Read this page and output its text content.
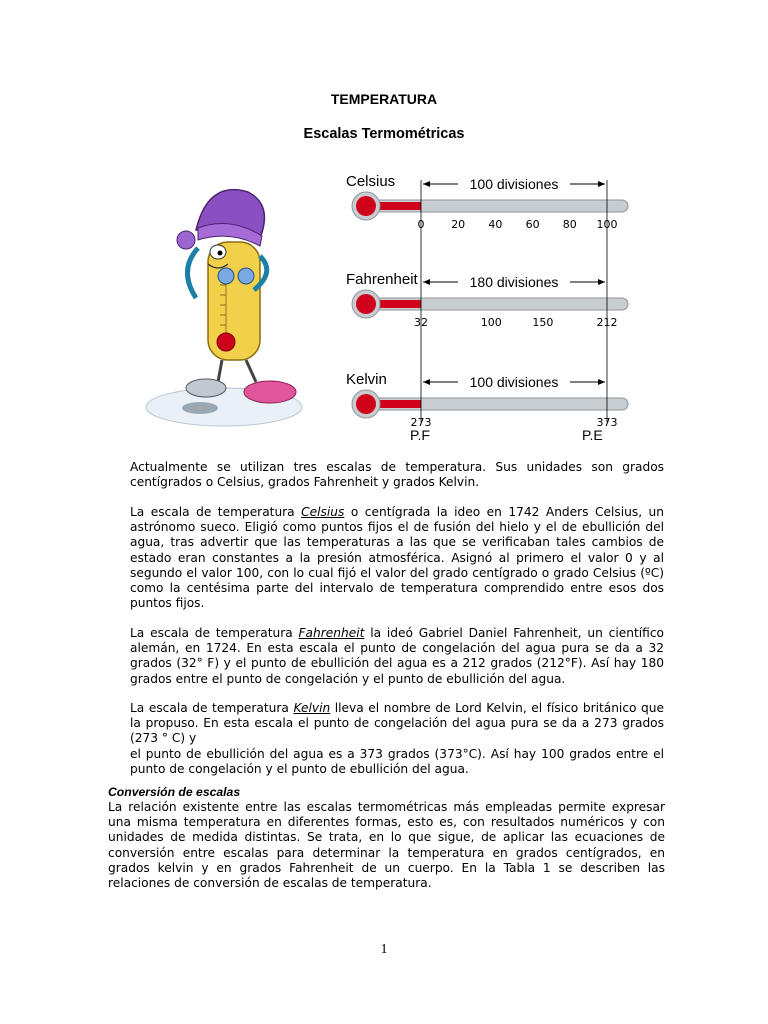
TEMPERATURA
Escalas Termométricas
Celsius	100 divisiones
0 20 40 60 80 100
Fahrenheit	180 divisiones
32	100	150	212
Kelvin	100 divisiones
273	373
P.F	P.E
Actualmente se utilizan tres escalas de temperatura. Sus unidades son grados centígrados o Celsius, grados Fahrenheit y grados Kelvin.
La escala de temperatura Celsius o centígrada la ideo en 1742 Anders Celsius, un astrónomo sueco. Eligió como puntos fijos el de fusión del hielo y el de ebullición del agua, tras advertir que las temperaturas a las que se verificaban tales cambios de estado eran constantes a la presión atmosférica. Asignó al primero el valor 0 y al segundo el valor 100, con lo cual fijó el valor del grado centígrado o grado Celsius (ºC) como la centésima parte del intervalo de temperatura comprendido entre esos dos puntos fijos.
La escala de temperatura Fahrenheit la ideó Gabriel Daniel Fahrenheit, un científico alemán, en 1724. En esta escala el punto de congelación del agua pura se da a 32 grados (32° F) y el punto de ebullición del agua es a 212 grados (212°F). Así hay 180 grados entre el punto de congelación y el punto de ebullición del agua.
La escala de temperatura Kelvin lleva el nombre de Lord Kelvin, el físico británico que la propuso. En esta escala el punto de congelación del agua pura se da a 273 grados (273 ° C) y
el punto de ebullición del agua es a 373 grados (373°C). Así hay 100 grados entre el punto de congelación y el punto de ebullición del agua.
Conversión de escalas
La relación existente entre las escalas termométricas más empleadas permite expresar una misma temperatura en diferentes formas, esto es, con resultados numéricos y con unidades de medida distintas. Se trata, en lo que sigue, de aplicar las ecuaciones de conversión entre escalas para determinar la temperatura en grados centígrados, en grados kelvin y en grados Fahrenheit de un cuerpo. En la Tabla 1 se describen las relaciones de conversión de escalas de temperatura.
1
